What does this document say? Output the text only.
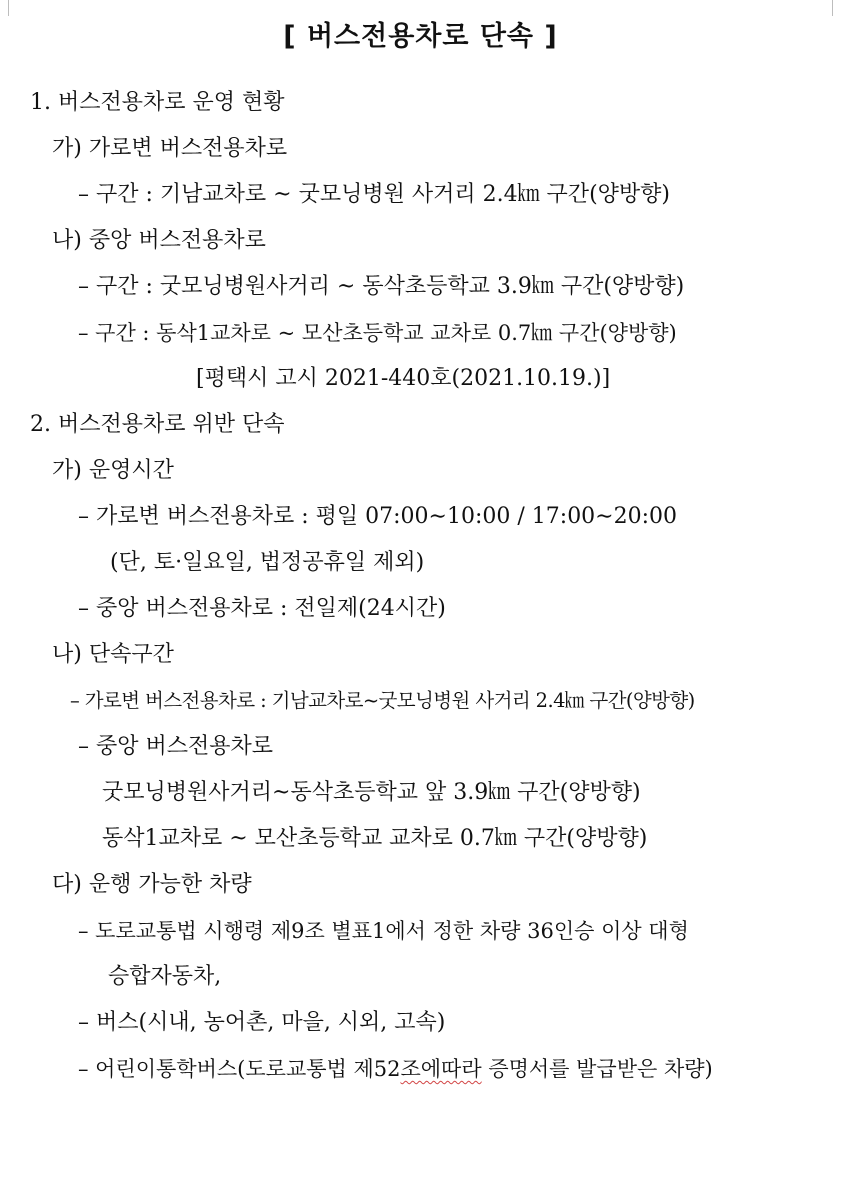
[ 버스전용차로 단속 ]
1. 버스전용차로 운영 현황
가) 가로변 버스전용차로
– 구간 : 기남교차로 ~ 굿모닝병원 사거리 2.4㎞ 구간(양방향)
나) 중앙 버스전용차로
– 구간 : 굿모닝병원사거리 ~ 동삭초등학교 3.9㎞ 구간(양방향)
– 구간 : 동삭1교차로 ~ 모산초등학교 교차로 0.7㎞ 구간(양방향)
[평택시 고시 2021-440호(2021.10.19.)]
2. 버스전용차로 위반 단속
가) 운영시간
– 가로변 버스전용차로 : 평일 07:00∼10:00 / 17:00∼20:00
(단, 토·일요일, 법정공휴일 제외)
– 중앙 버스전용차로 : 전일제(24시간)
나) 단속구간
– 가로변 버스전용차로 : 기남교차로~굿모닝병원 사거리 2.4㎞ 구간(양방향)
– 중앙 버스전용차로
굿모닝병원사거리~동삭초등학교 앞 3.9㎞ 구간(양방향)
동삭1교차로 ~ 모산초등학교 교차로 0.7㎞ 구간(양방향)
다) 운행 가능한 차량
– 도로교통법 시행령 제9조 별표1에서 정한 차량 36인승 이상 대형
승합자동차,
– 버스(시내, 농어촌, 마을, 시외, 고속)
– 어린이통학버스(도로교통법 제52조에따라 증명서를 발급받은 차량)
